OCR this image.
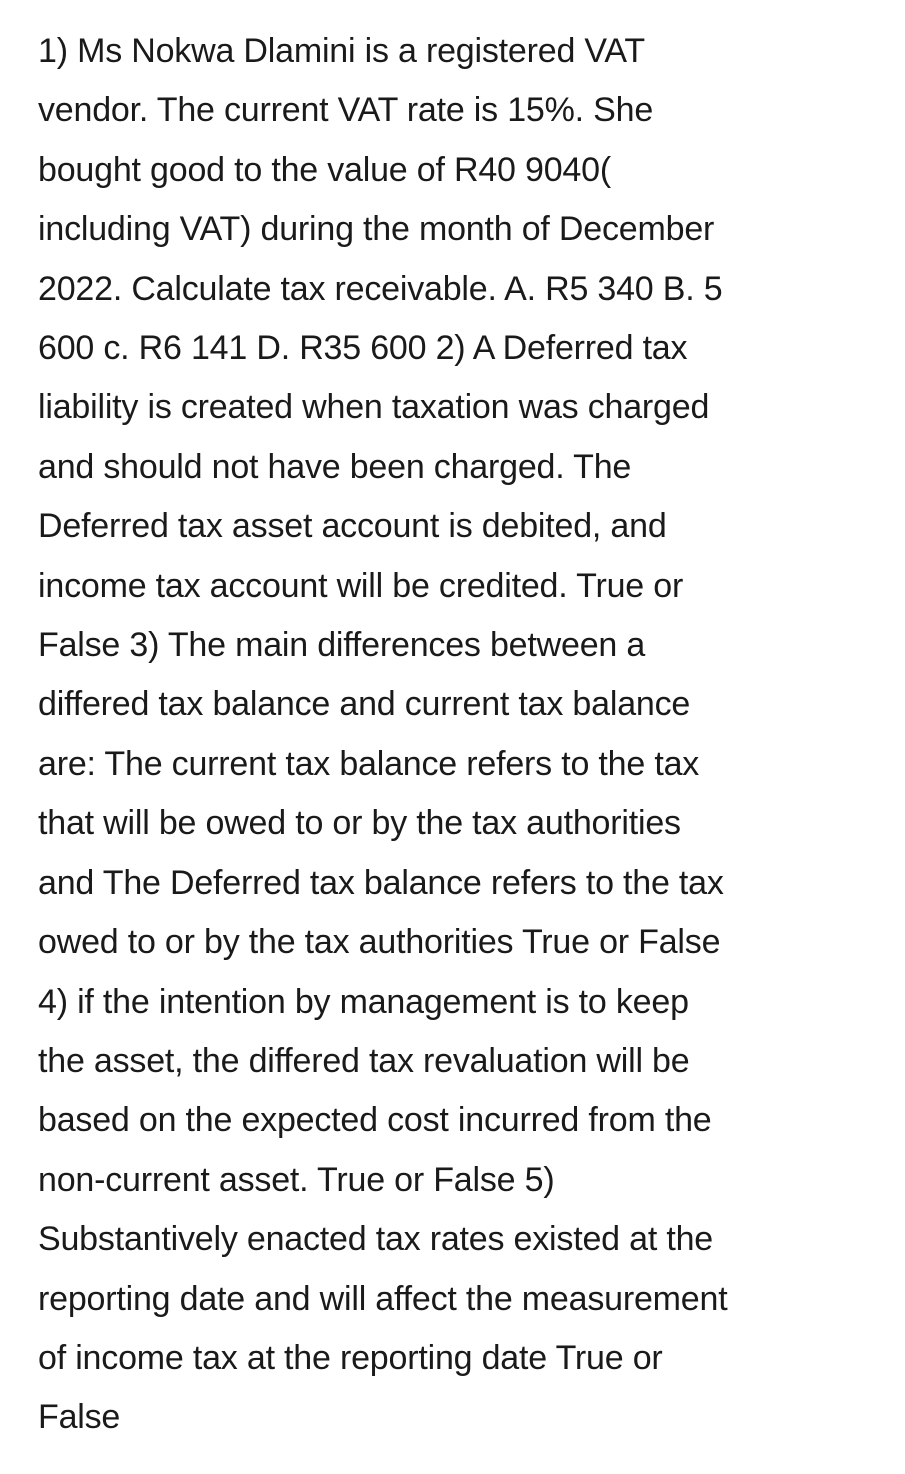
1) Ms Nokwa Dlamini is a registered VAT
vendor. The current VAT rate is 15%. She
bought good to the value of R40 9040(
including VAT) during the month of December
2022. Calculate tax receivable. A. R5 340 B. 5
600 c. R6 141 D. R35 600 2) A Deferred tax
liability is created when taxation was charged
and should not have been charged. The
Deferred tax asset account is debited, and
income tax account will be credited. True or
False 3) The main differences between a
differed tax balance and current tax balance
are: The current tax balance refers to the tax
that will be owed to or by the tax authorities
and The Deferred tax balance refers to the tax
owed to or by the tax authorities True or False
4) if the intention by management is to keep
the asset, the differed tax revaluation will be
based on the expected cost incurred from the
non-current asset. True or False 5)
Substantively enacted tax rates existed at the
reporting date and will affect the measurement
of income tax at the reporting date True or
False
